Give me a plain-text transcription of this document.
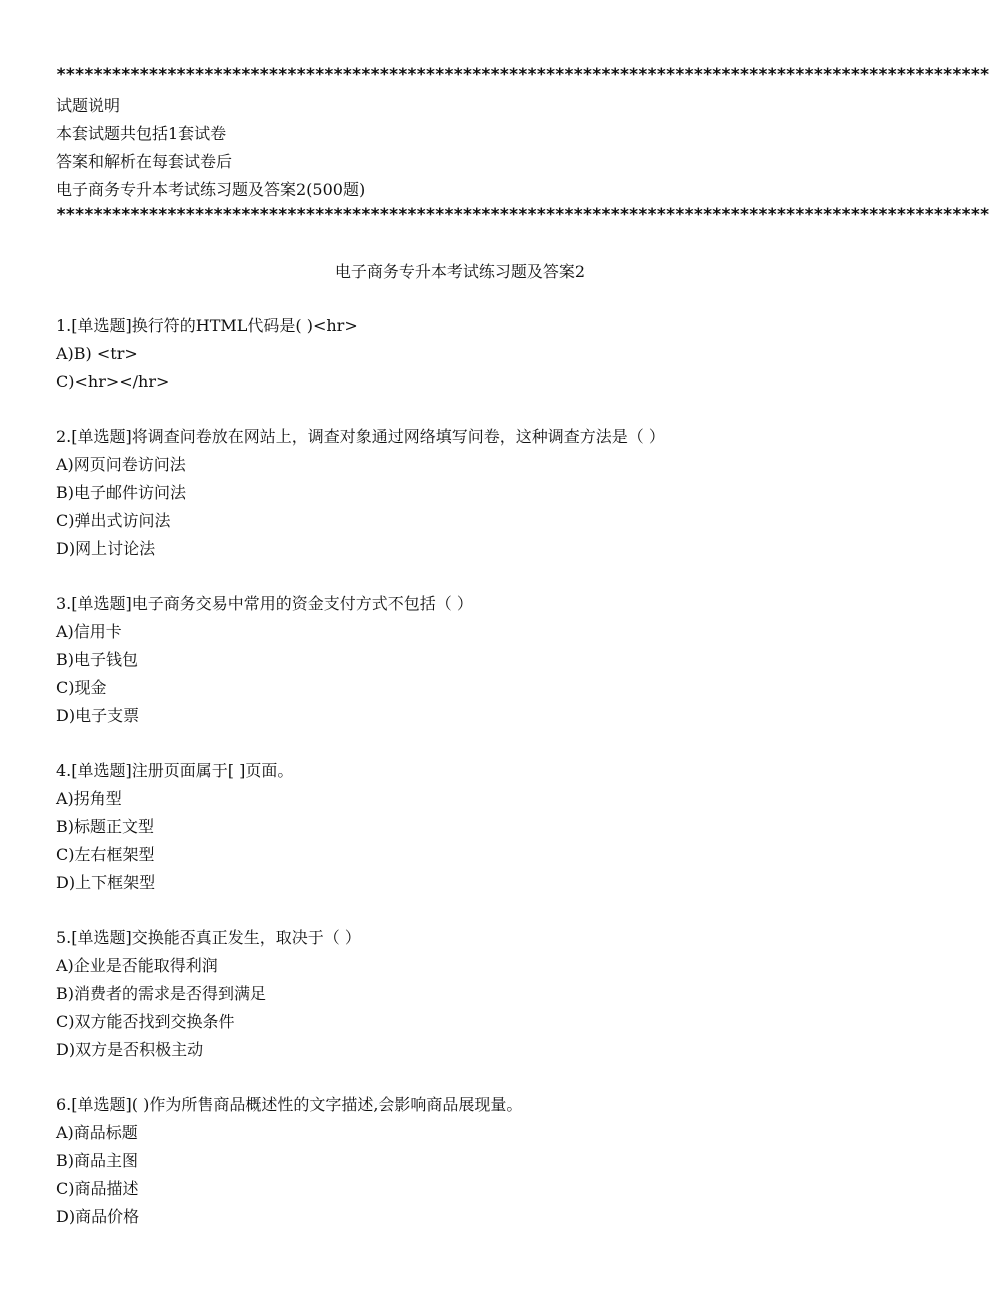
*****************************************************************************************************
试题说明
本套试题共包括1套试卷
答案和解析在每套试卷后
电子商务专升本考试练习题及答案2(500题)
*****************************************************************************************************
电子商务专升本考试练习题及答案2
1.[单选题]换行符的HTML代码是( )<hr>
A)B) <tr>
C)<hr></hr>
2.[单选题]将调查问卷放在网站上，调查对象通过网络填写问卷，这种调查方法是（ ）
A)网页问卷访问法
B)电子邮件访问法
C)弹出式访问法
D)网上讨论法
3.[单选题]电子商务交易中常用的资金支付方式不包括（ ）
A)信用卡
B)电子钱包
C)现金
D)电子支票
4.[单选题]注册页面属于[ ]页面。
A)拐角型
B)标题正文型
C)左右框架型
D)上下框架型
5.[单选题]交换能否真正发生，取决于（ ）
A)企业是否能取得利润
B)消费者的需求是否得到满足
C)双方能否找到交换条件
D)双方是否积极主动
6.[单选题]( )作为所售商品概述性的文字描述,会影响商品展现量。
A)商品标题
B)商品主图
C)商品描述
D)商品价格
